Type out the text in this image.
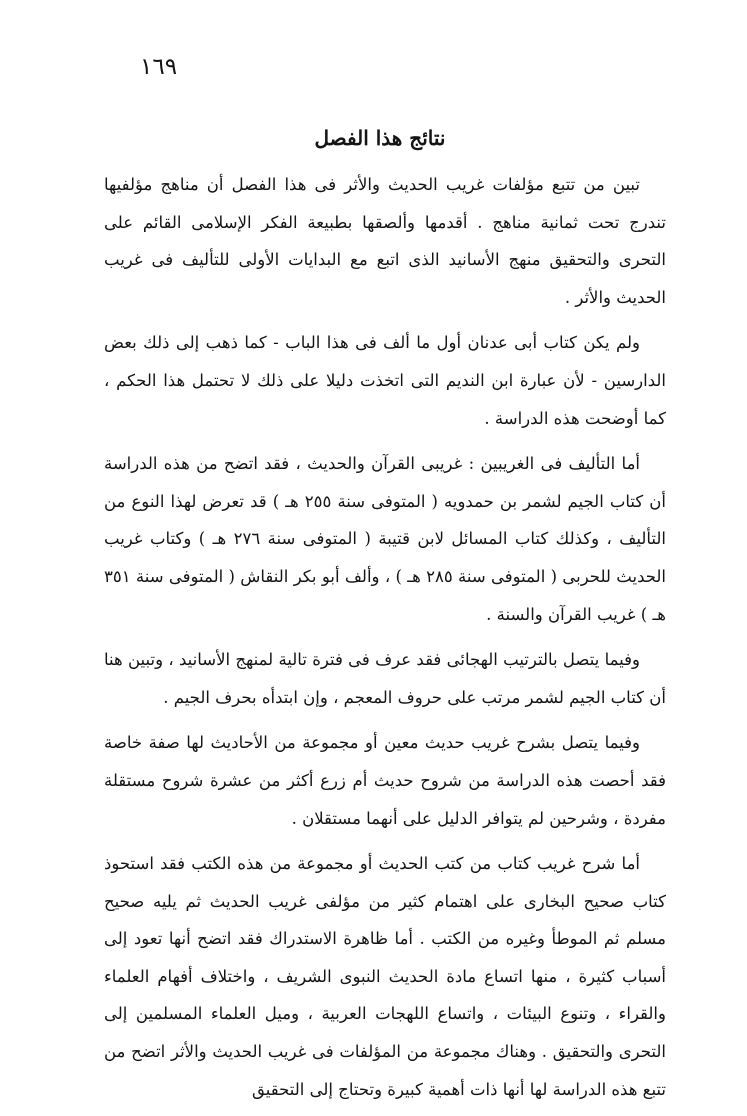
١٦٩
نتائج هذا الفصل

تبين من تتبع مؤلفات غريب الحديث والأثر فى هذا الفصل أن مناهج مؤلفيها تندرج تحت ثمانية مناهج . أقدمها وألصقها بطبيعة الفكر الإسلامى القائم على التحرى والتحقيق منهج الأسانيد الذى اتبع مع البدايات الأولى للتأليف فى غريب الحديث والأثر .

ولم يكن كتاب أبى عدنان أول ما ألف فى هذا الباب - كما ذهب إلى ذلك بعض الدارسين - لأن عبارة ابن النديم التى اتخذت دليلا على ذلك لا تحتمل هذا الحكم ، كما أوضحت هذه الدراسة .

أما التأليف فى الغريبين : غريبى القرآن والحديث ، فقد اتضح من هذه الدراسة أن كتاب الجيم لشمر بن حمدويه ( المتوفى سنة ٢٥٥ هـ ) قد تعرض لهذا النوع من التأليف ، وكذلك كتاب المسائل لابن قتيبة ( المتوفى سنة ٢٧٦ هـ ) وكتاب غريب الحديث للحربى ( المتوفى سنة ٢٨٥ هـ ) ، وألف أبو بكر النقاش ( المتوفى سنة ٣٥١ هـ ) غريب القرآن والسنة .

وفيما يتصل بالترتيب الهجائى فقد عرف فى فترة تالية لمنهج الأسانيد ، وتبين هنا أن كتاب الجيم لشمر مرتب على حروف المعجم ، وإن ابتدأه بحرف الجيم .

وفيما يتصل بشرح غريب حديث معين أو مجموعة من الأحاديث لها صفة خاصة فقد أحصت هذه الدراسة من شروح حديث أم زرع أكثر من عشرة شروح مستقلة مفردة ، وشرحين لم يتوافر الدليل على أنهما مستقلان .

أما شرح غريب كتاب من كتب الحديث أو مجموعة من هذه الكتب فقد استحوذ كتاب صحيح البخارى على اهتمام كثير من مؤلفى غريب الحديث ثم يليه صحيح مسلم ثم الموطأ وغيره من الكتب . أما ظاهرة الاستدراك فقد اتضح أنها تعود إلى أسباب كثيرة ، منها اتساع مادة الحديث النبوى الشريف ، واختلاف أفهام العلماء والقراء ، وتنوع البيئات ، واتساع اللهجات العربية ، وميل العلماء المسلمين إلى التحرى والتحقيق . وهناك مجموعة من المؤلفات فى غريب الحديث والأثر اتضح من تتبع هذه الدراسة لها أنها ذات أهمية كبيرة وتحتاج إلى التحقيق
